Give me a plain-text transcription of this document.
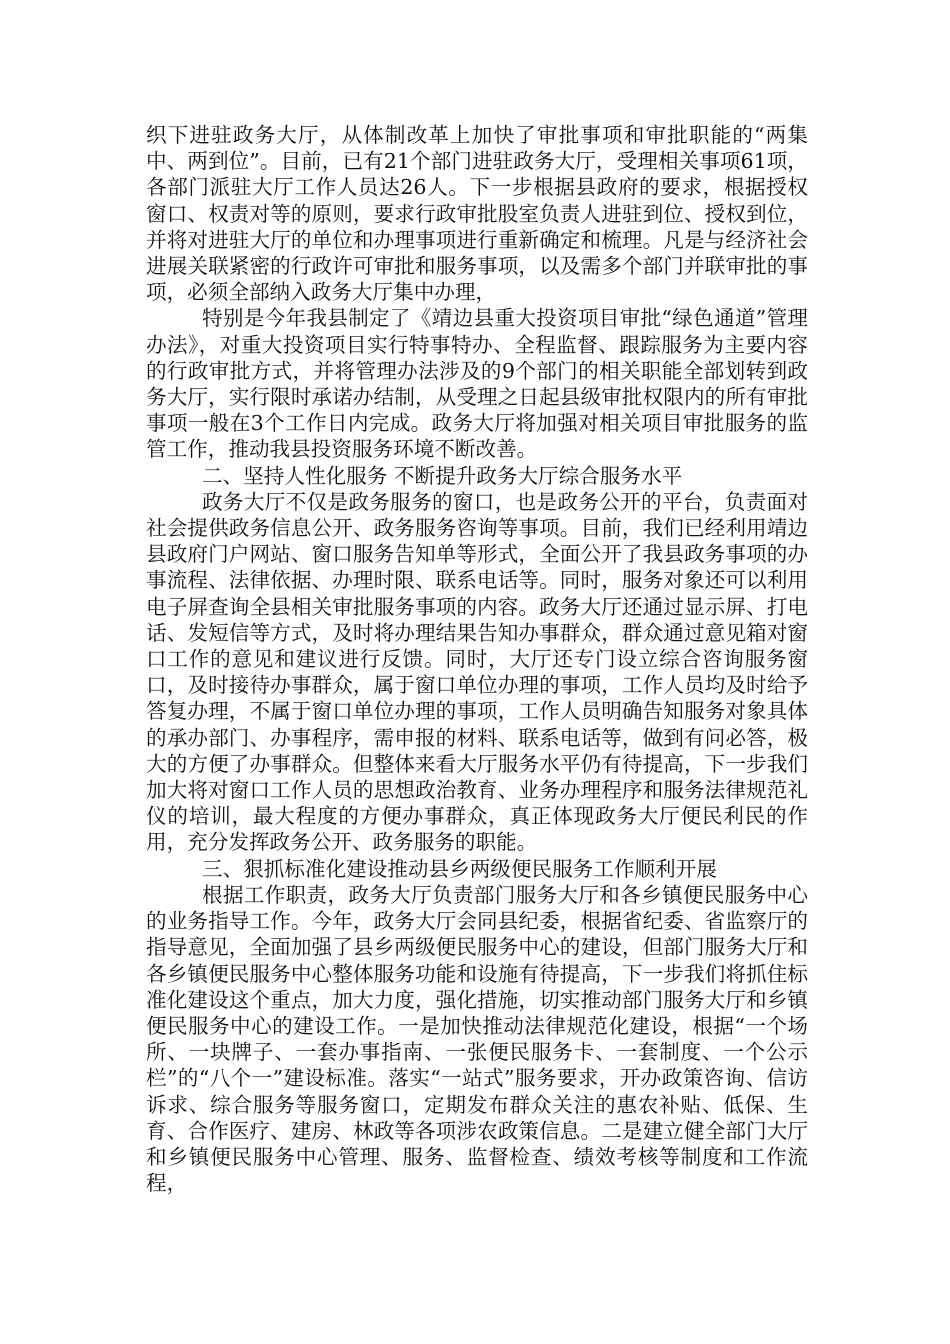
织下进驻政务大厅，从体制改革上加快了审批事项和审批职能的“两集中、两到位”。目前，已有21个部门进驻政务大厅，受理相关事项61项，各部门派驻大厅工作人员达26人。下一步根据县政府的要求，根据授权窗口、权责对等的原则，要求行政审批股室负责人进驻到位、授权到位，并将对进驻大厅的单位和办理事项进行重新确定和梳理。凡是与经济社会进展关联紧密的行政许可审批和服务事项，以及需多个部门并联审批的事项，必须全部纳入政务大厅集中办理，

特别是今年我县制定了《靖边县重大投资项目审批“绿色通道”管理办法》，对重大投资项目实行特事特办、全程监督、跟踪服务为主要内容的行政审批方式，并将管理办法涉及的9个部门的相关职能全部划转到政务大厅，实行限时承诺办结制，从受理之日起县级审批权限内的所有审批事项一般在3个工作日内完成。政务大厅将加强对相关项目审批服务的监管工作，推动我县投资服务环境不断改善。

二、坚持人性化服务 不断提升政务大厅综合服务水平

政务大厅不仅是政务服务的窗口，也是政务公开的平台，负责面对社会提供政务信息公开、政务服务咨询等事项。目前，我们已经利用靖边县政府门户网站、窗口服务告知单等形式，全面公开了我县政务事项的办事流程、法律依据、办理时限、联系电话等。同时，服务对象还可以利用电子屏查询全县相关审批服务事项的内容。政务大厅还通过显示屏、打电话、发短信等方式，及时将办理结果告知办事群众，群众通过意见箱对窗口工作的意见和建议进行反馈。同时，大厅还专门设立综合咨询服务窗口，及时接待办事群众，属于窗口单位办理的事项，工作人员均及时给予答复办理，不属于窗口单位办理的事项，工作人员明确告知服务对象具体的承办部门、办事程序，需申报的材料、联系电话等，做到有问必答，极大的方便了办事群众。但整体来看大厅服务水平仍有待提高，下一步我们加大将对窗口工作人员的思想政治教育、业务办理程序和服务法律规范礼仪的培训，最大程度的方便办事群众，真正体现政务大厅便民利民的作用，充分发挥政务公开、政务服务的职能。

三、狠抓标准化建设推动县乡两级便民服务工作顺利开展

根据工作职责，政务大厅负责部门服务大厅和各乡镇便民服务中心的业务指导工作。今年，政务大厅会同县纪委，根据省纪委、省监察厅的指导意见，全面加强了县乡两级便民服务中心的建设，但部门服务大厅和各乡镇便民服务中心整体服务功能和设施有待提高，下一步我们将抓住标准化建设这个重点，加大力度，强化措施，切实推动部门服务大厅和乡镇便民服务中心的建设工作。一是加快推动法律规范化建设，根据“一个场所、一块牌子、一套办事指南、一张便民服务卡、一套制度、一个公示栏”的“八个一”建设标准。落实“一站式”服务要求，开办政策咨询、信访诉求、综合服务等服务窗口，定期发布群众关注的惠农补贴、低保、生育、合作医疗、建房、林政等各项涉农政策信息。二是建立健全部门大厅和乡镇便民服务中心管理、服务、监督检查、绩效考核等制度和工作流程，
